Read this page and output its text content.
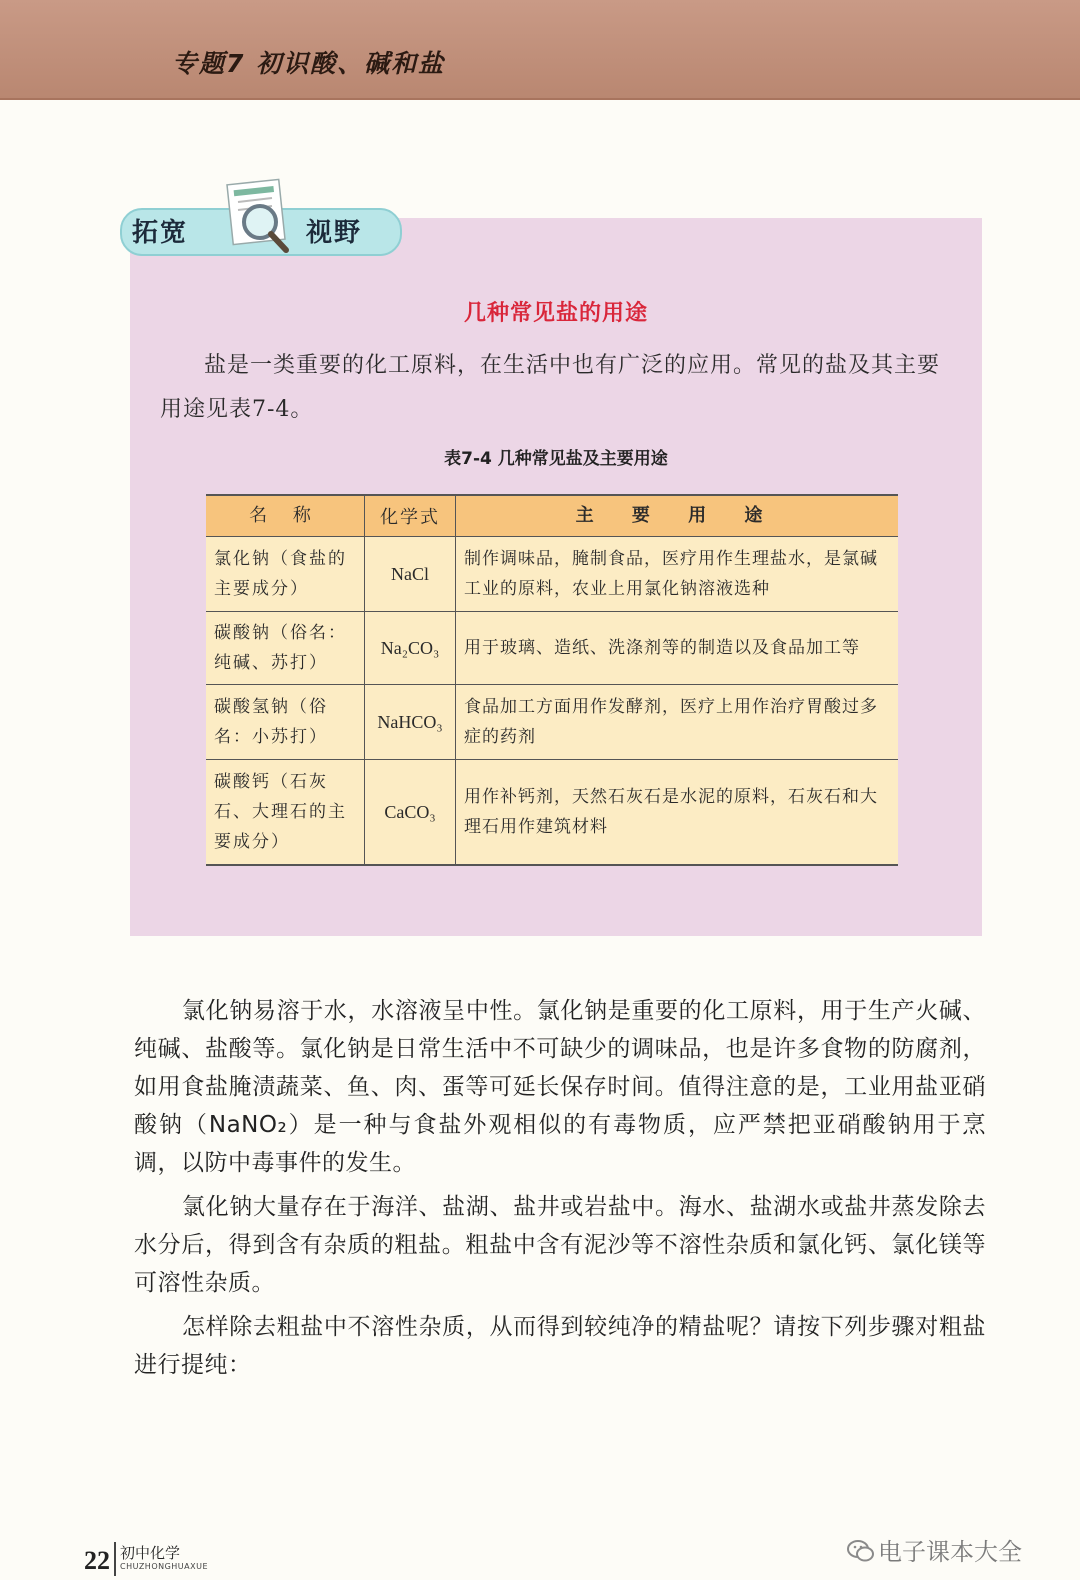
专题7 初识酸、碱和盐
拓宽	视野
几种常见盐的用途
盐是一类重要的化工原料，在生活中也有广泛的应用。常见的盐及其主要用途见表7-4。
表7-4 几种常见盐及主要用途
名 称	化学式	主 要 用 途
氯化钠（食盐的主要成分）	NaCl	制作调味品，腌制食品，医疗用作生理盐水，是氯碱工业的原料，农业上用氯化钠溶液选种
碳酸钠（俗名：纯碱、苏打）	Na₂CO₃	用于玻璃、造纸、洗涤剂等的制造以及食品加工等
碳酸氢钠（俗名：小苏打）	NaHCO₃	食品加工方面用作发酵剂，医疗上用作治疗胃酸过多症的药剂
碳酸钙（石灰石、大理石的主要成分）	CaCO₃	用作补钙剂，天然石灰石是水泥的原料，石灰石和大理石用作建筑材料

氯化钠易溶于水，水溶液呈中性。氯化钠是重要的化工原料，用于生产火碱、纯碱、盐酸等。氯化钠是日常生活中不可缺少的调味品，也是许多食物的防腐剂，如用食盐腌渍蔬菜、鱼、肉、蛋等可延长保存时间。值得注意的是，工业用盐亚硝酸钠（NaNO₂）是一种与食盐外观相似的有毒物质，应严禁把亚硝酸钠用于烹调，以防中毒事件的发生。

氯化钠大量存在于海洋、盐湖、盐井或岩盐中。海水、盐湖水或盐井蒸发除去水分后，得到含有杂质的粗盐。粗盐中含有泥沙等不溶性杂质和氯化钙、氯化镁等可溶性杂质。

怎样除去粗盐中不溶性杂质，从而得到较纯净的精盐呢？请按下列步骤对粗盐进行提纯：

22 初中化学
CHUZHONGHUAXUE
电子课本大全
